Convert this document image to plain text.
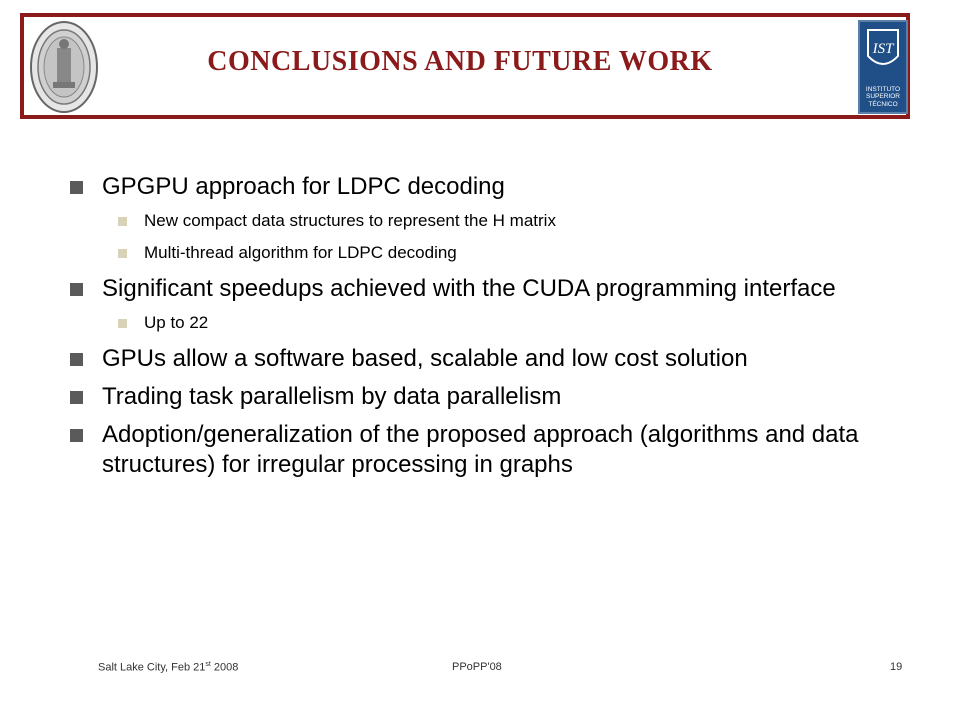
CONCLUSIONS AND FUTURE WORK	IST
INSTITUTO
SUPERIOR
TÉCNICO
GPGPU approach for LDPC decoding
New compact data structures to represent the H matrix
Multi-thread algorithm for LDPC decoding
Significant speedups achieved with the CUDA programming interface
Up to 22
GPUs allow a software based, scalable and low cost solution
Trading task parallelism by data parallelism
Adoption/generalization of the proposed approach (algorithms and data structures) for irregular processing in graphs
Salt Lake City, Feb 21st 2008	PPoPP'08	19
